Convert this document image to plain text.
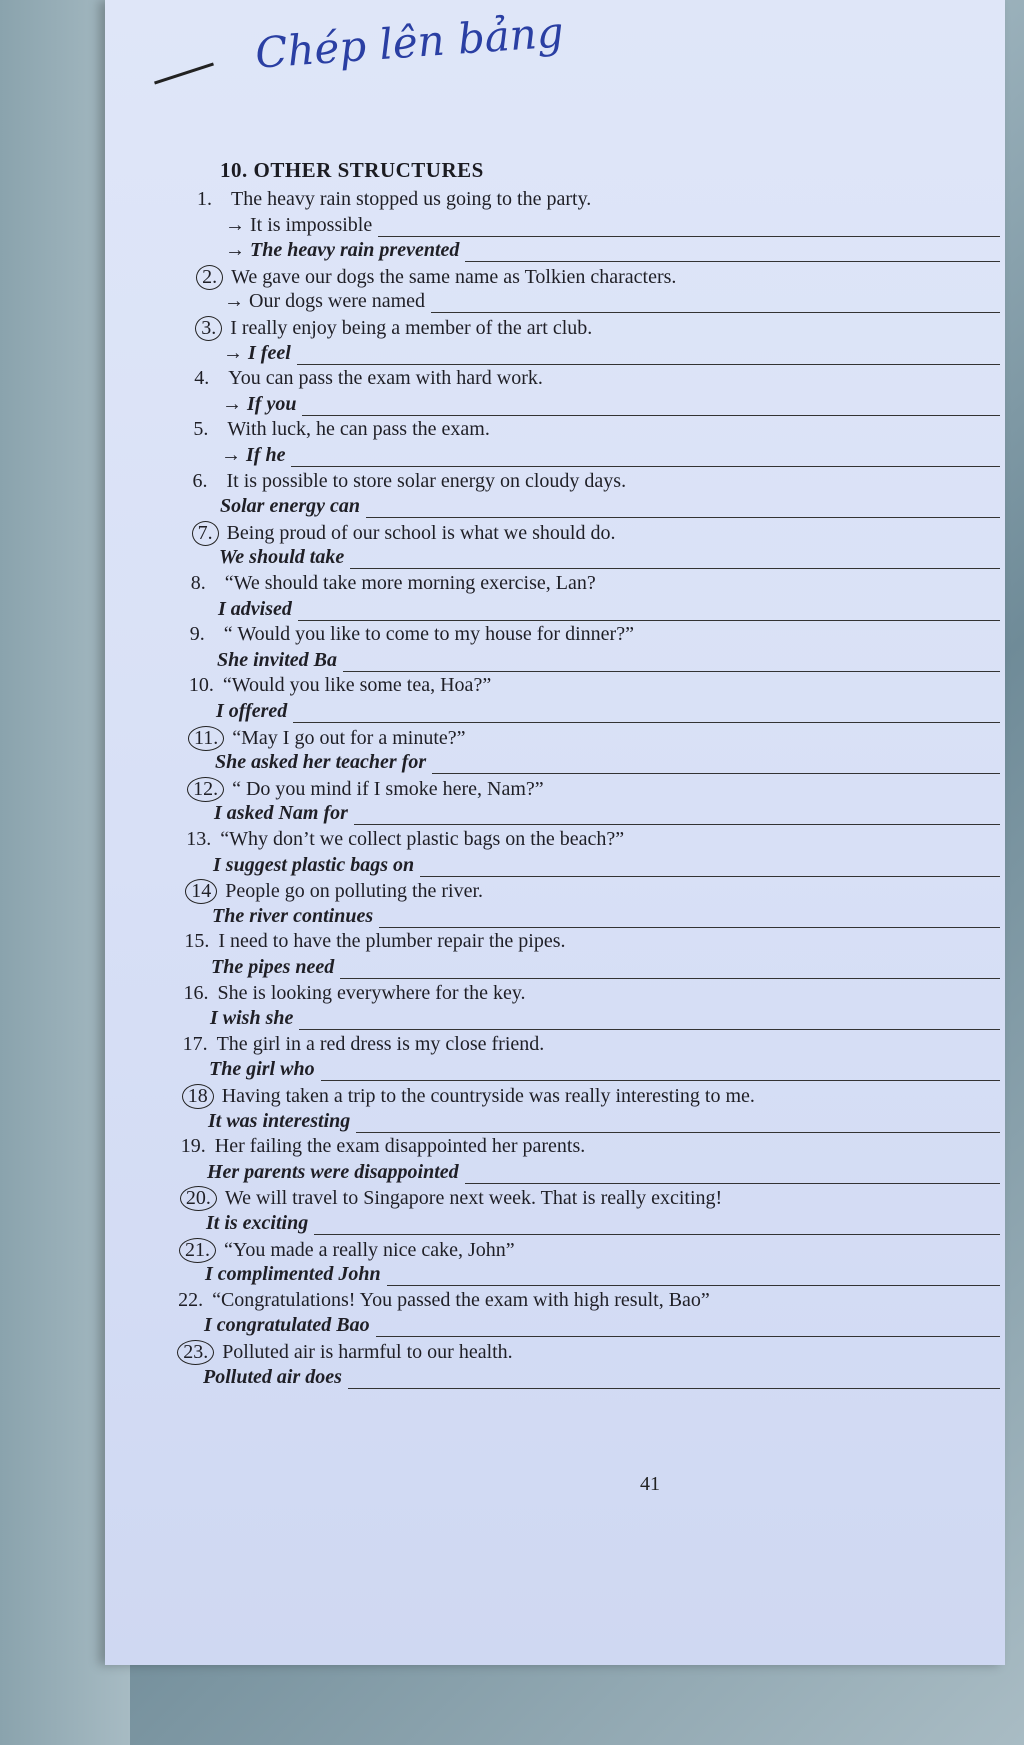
Chép lên bảng
10. OTHER STRUCTURES
1. The heavy rain stopped us going to the party.
→ It is impossible
→ The heavy rain prevented
2. We gave our dogs the same name as Tolkien characters.
→ Our dogs were named
3. I really enjoy being a member of the art club.
→ I feel
4. You can pass the exam with hard work.
→ If you
5. With luck, he can pass the exam.
→ If he
6. It is possible to store solar energy on cloudy days.
Solar energy can
7. Being proud of our school is what we should do.
We should take
8. “We should take more morning exercise, Lan?
I advised
9. “ Would you like to come to my house for dinner?”
She invited Ba
10. “Would you like some tea, Hoa?”
I offered
11. “May I go out for a minute?”
She asked her teacher for
12. “ Do you mind if I smoke here, Nam?”
I asked Nam for
13. “Why don’t we collect plastic bags on the beach?”
I suggest plastic bags on
14 People go on polluting the river.
The river continues
15. I need to have the plumber repair the pipes.
The pipes need
16. She is looking everywhere for the key.
I wish she
17. The girl in a red dress is my close friend.
The girl who
18 Having taken a trip to the countryside was really interesting to me.
It was interesting
19. Her failing the exam disappointed her parents.
Her parents were disappointed
20. We will travel to Singapore next week. That is really exciting!
It is exciting
21. “You made a really nice cake, John”
I complimented John
22. “Congratulations! You passed the exam with high result, Bao”
I congratulated Bao
23. Polluted air is harmful to our health.
Polluted air does
41
